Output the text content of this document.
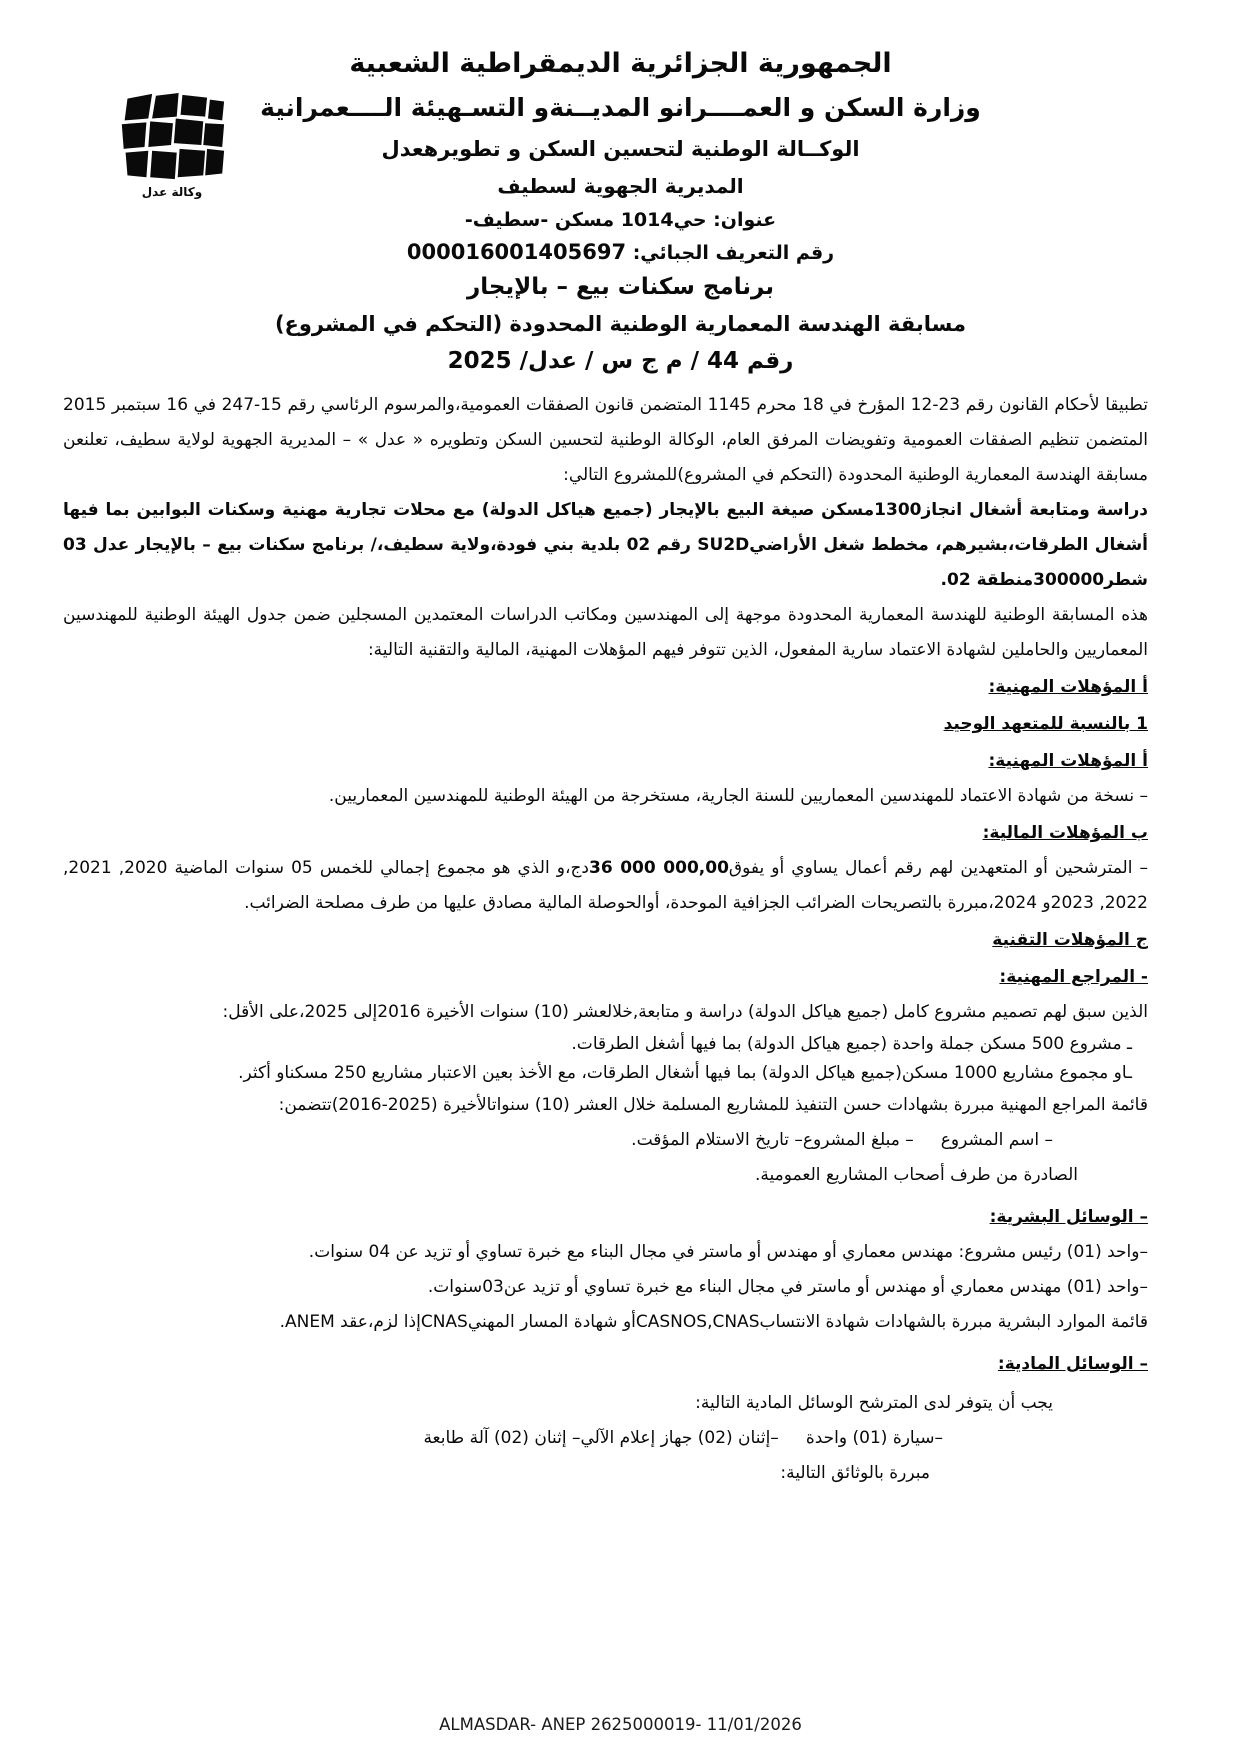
وكالة عدل
الجمهورية الجزائرية الديمقراطية الشعبية
وزارة السكن و العمــــرانو المديــنةو التسـهيئة الــــعمرانية
الوكــالة الوطنية لتحسين السكن و تطويرهعدل
المديرية الجهوية لسطيف
عنوان: حي1014 مسكن -سطيف-
رقم التعريف الجبائي: 000016001405697
برنامج سكنات بيع – بالإيجار
مسابقة الهندسة المعمارية الوطنية المحدودة (التحكم في المشروع)
رقم 44 / م ج س / عدل/ 2025

تطبيقا لأحكام القانون رقم 23-12 المؤرخ في 18 محرم 1145 المتضمن قانون الصفقات العمومية،والمرسوم الرئاسي رقم 15-247 في 16 سبتمبر 2015 المتضمن تنظيم الصفقات العمومية وتفويضات المرفق العام، الوكالة الوطنية لتحسين السكن وتطويره « عدل » – المديرية الجهوية لولاية سطيف، تعلنعن مسابقة الهندسة المعمارية الوطنية المحدودة (التحكم في المشروع)للمشروع التالي:

دراسة ومتابعة أشغال انجاز1300مسكن صيغة البيع بالإيجار (جميع هياكل الدولة) مع محلات تجارية مهنية وسكنات البوابين بما فيها أشغال الطرقات،بشيرهم، مخطط شغل الأراضيSU2D رقم 02 بلدية بني فودة،ولاية سطيف،/ برنامج سكنات بيع – بالإيجار عدل 03 شطر300000منطقة 02.

هذه المسابقة الوطنية للهندسة المعمارية المحدودة موجهة إلى المهندسين ومكاتب الدراسات المعتمدين المسجلين ضمن جدول الهيئة الوطنية للمهندسين المعماريين والحاملين لشهادة الاعتماد سارية المفعول، الذين تتوفر فيهم المؤهلات المهنية، المالية والتقنية التالية:

أ المؤهلات المهنية:

1 بالنسبة للمتعهد الوحيد

أ المؤهلات المهنية:

– نسخة من شهادة الاعتماد للمهندسين المعماريين للسنة الجارية، مستخرجة من الهيئة الوطنية للمهندسين المعماريين.

ب المؤهلات المالية:

– المترشحين أو المتعهدين لهم رقم أعمال يساوي أو يفوق36 000 000,00دج،و الذي هو مجموع إجمالي للخمس 05 سنوات الماضية 2020, 2021, 2022, 2023و 2024،مبررة بالتصريحات الضرائب الجزافية الموحدة، أوالحوصلة المالية مصادق عليها من طرف مصلحة الضرائب.

ج المؤهلات التقنية

- المراجع المهنية:

الذين سبق لهم تصميم مشروع كامل (جميع هياكل الدولة) دراسة و متابعة,خلالعشر (10) سنوات الأخيرة 2016إلى 2025،على الأقل:

ـ مشروع 500 مسكن جملة واحدة (جميع هياكل الدولة) بما فيها أشغل الطرقات.

ـاو مجموع مشاريع 1000 مسكن(جميع هياكل الدولة) بما فيها أشغال الطرقات، مع الأخذ بعين الاعتبار مشاريع 250 مسكناو أكثر.

قائمة المراجع المهنية مبررة بشهادات حسن التنفيذ للمشاريع المسلمة خلال العشر (10) سنواتالأخيرة (2025-2016)تتضمن:

– اسم المشروع     – مبلغ المشروع– تاريخ الاستلام المؤقت.

الصادرة من طرف أصحاب المشاريع العمومية.

– الوسائل البشرية:

–واحد (01) رئيس مشروع: مهندس معماري أو مهندس أو ماستر في مجال البناء مع خبرة تساوي أو تزيد عن 04 سنوات.

–واحد (01) مهندس معماري أو مهندس أو ماستر في مجال البناء مع خبرة تساوي أو تزيد عن03سنوات.

قائمة الموارد البشرية مبررة بالشهادات شهادة الانتسابCASNOS,CNASأو شهادة المسار المهنيCNASإذا لزم،عقد ANEM.

– الوسائل المادية:

يجب أن يتوفر لدى المترشح الوسائل المادية التالية:

–سيارة (01) واحدة     –إثنان (02) جهاز إعلام الآلي– إثنان (02) آلة طابعة

مبررة بالوثائق التالية:

ALMASDAR- ANEP 2625000019- 11/01/2026
